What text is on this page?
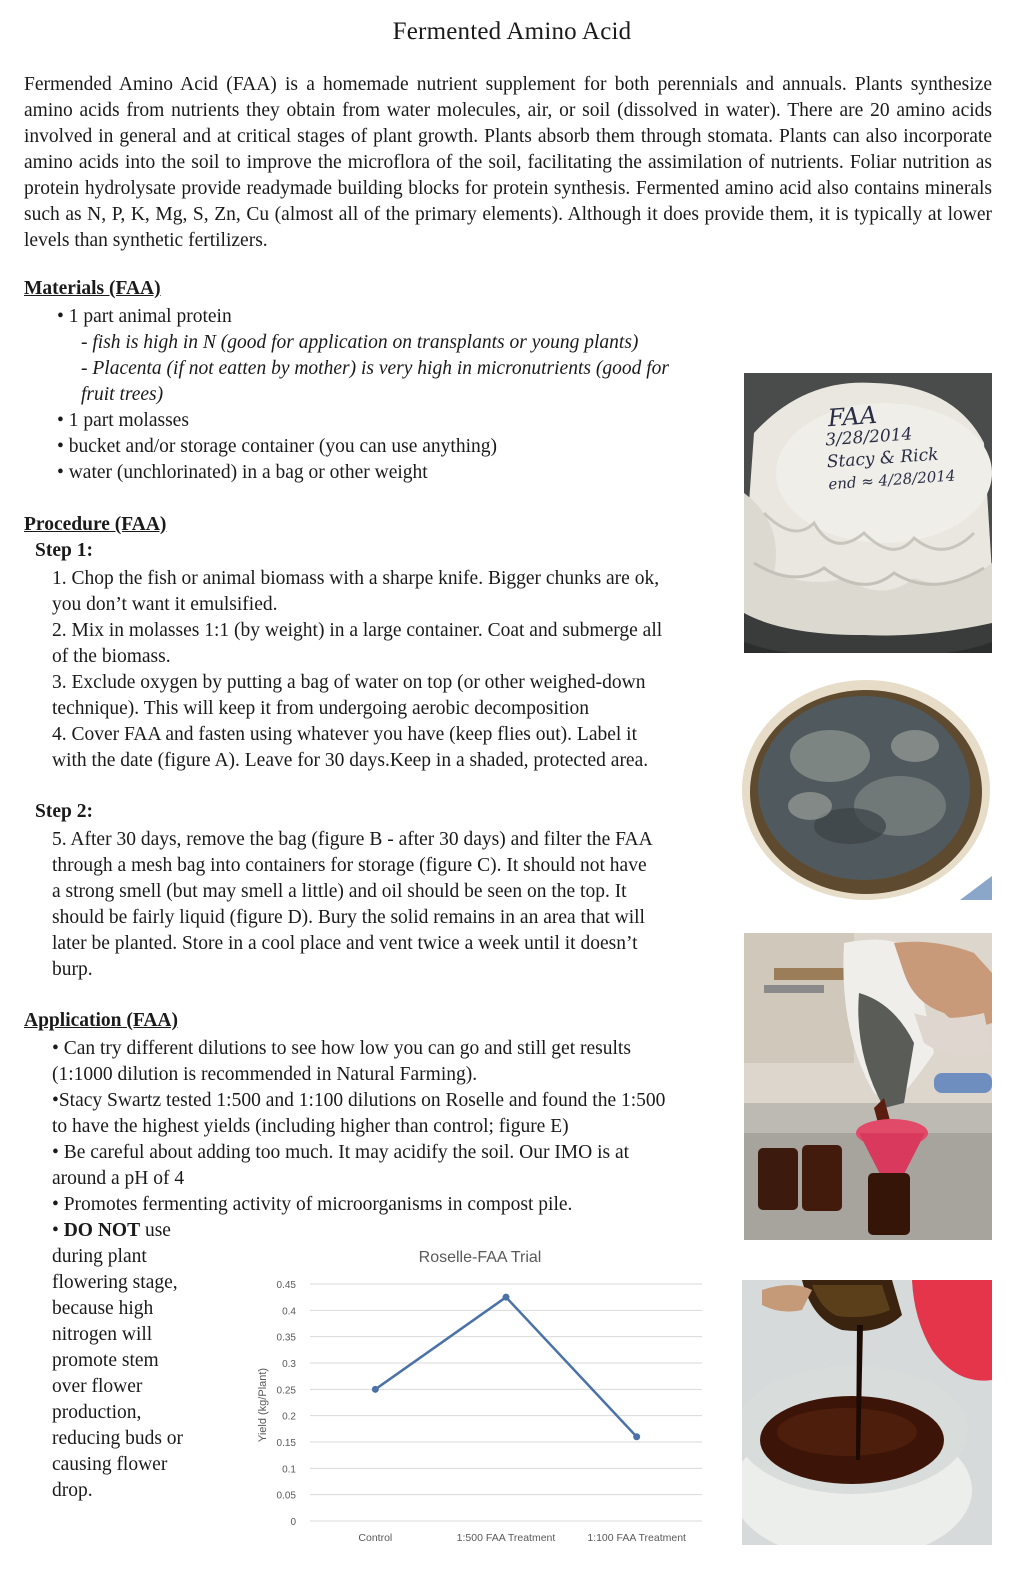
Fermented Amino Acid
Fermended Amino Acid (FAA) is a homemade nutrient supplement for both perennials and annuals. Plants synthesize amino acids from nutrients they obtain from water molecules, air, or soil (dissolved in water). There are 20 amino acids involved in general and at critical stages of plant growth. Plants absorb them through stomata. Plants can also incorporate amino acids into the soil to improve the microflora of the soil, facilitating the assimilation of nutrients. Foliar nutrition as protein hydrolysate provide readymade building blocks for protein synthesis. Fermented amino acid also contains minerals such as N, P, K, Mg, S, Zn, Cu (almost all of the primary elements). Although it does provide them, it is typically at lower levels than synthetic fertilizers.
Materials (FAA)
• 1 part animal protein
- fish is high in N (good for application on transplants or young plants)
- Placenta (if not eatten by mother) is very high in micronutrients (good for
fruit trees)
• 1 part molasses
• bucket and/or storage container (you can use anything)
• water (unchlorinated) in a bag or other weight
Procedure (FAA)
Step 1:
1. Chop the fish or animal biomass with a sharpe knife. Bigger chunks are ok,
you don’t want it emulsified.
2. Mix in molasses 1:1 (by weight) in a large container. Coat and submerge all
of the biomass.
3. Exclude oxygen by putting a bag of water on top (or other weighed-down
technique). This will keep it from undergoing aerobic decomposition
4. Cover FAA and fasten using whatever you have (keep flies out). Label it
with the date (figure A). Leave for 30 days.Keep in a shaded, protected area.
Step 2:
5. After 30 days, remove the bag (figure B - after 30 days) and filter the FAA
through a mesh bag into containers for storage (figure C). It should not have
a strong smell (but may smell a little) and oil should be seen on the top. It
should be fairly liquid (figure D). Bury the solid remains in an area that will
later be planted. Store in a cool place and vent twice a week until it doesn’t
burp.
Application (FAA)
• Can try different dilutions to see how low you can go and still get results
(1:1000 dilution is recommended in Natural Farming).
•Stacy Swartz tested 1:500 and 1:100 dilutions on Roselle and found the 1:500
to have the highest yields (including higher than control; figure E)
• Be careful about adding too much. It may acidify the soil. Our IMO is at
around a pH of 4
• Promotes fermenting activity of microorganisms in compost pile.
• DO NOT use
during plant
flowering stage,
because high
nitrogen will
promote stem
over flower
production,
reducing buds or
causing flower
drop.
FAA
3/28/2014
Stacy & Rick
end ≈ 4/28/2014
Roselle-FAA Trial
Yield (kg/Plant)
0
0.05
0.1
0.15
0.2
0.25
0.3
0.35
0.4
0.45
Control	1:500 FAA Treatment	1:100 FAA Treatment
